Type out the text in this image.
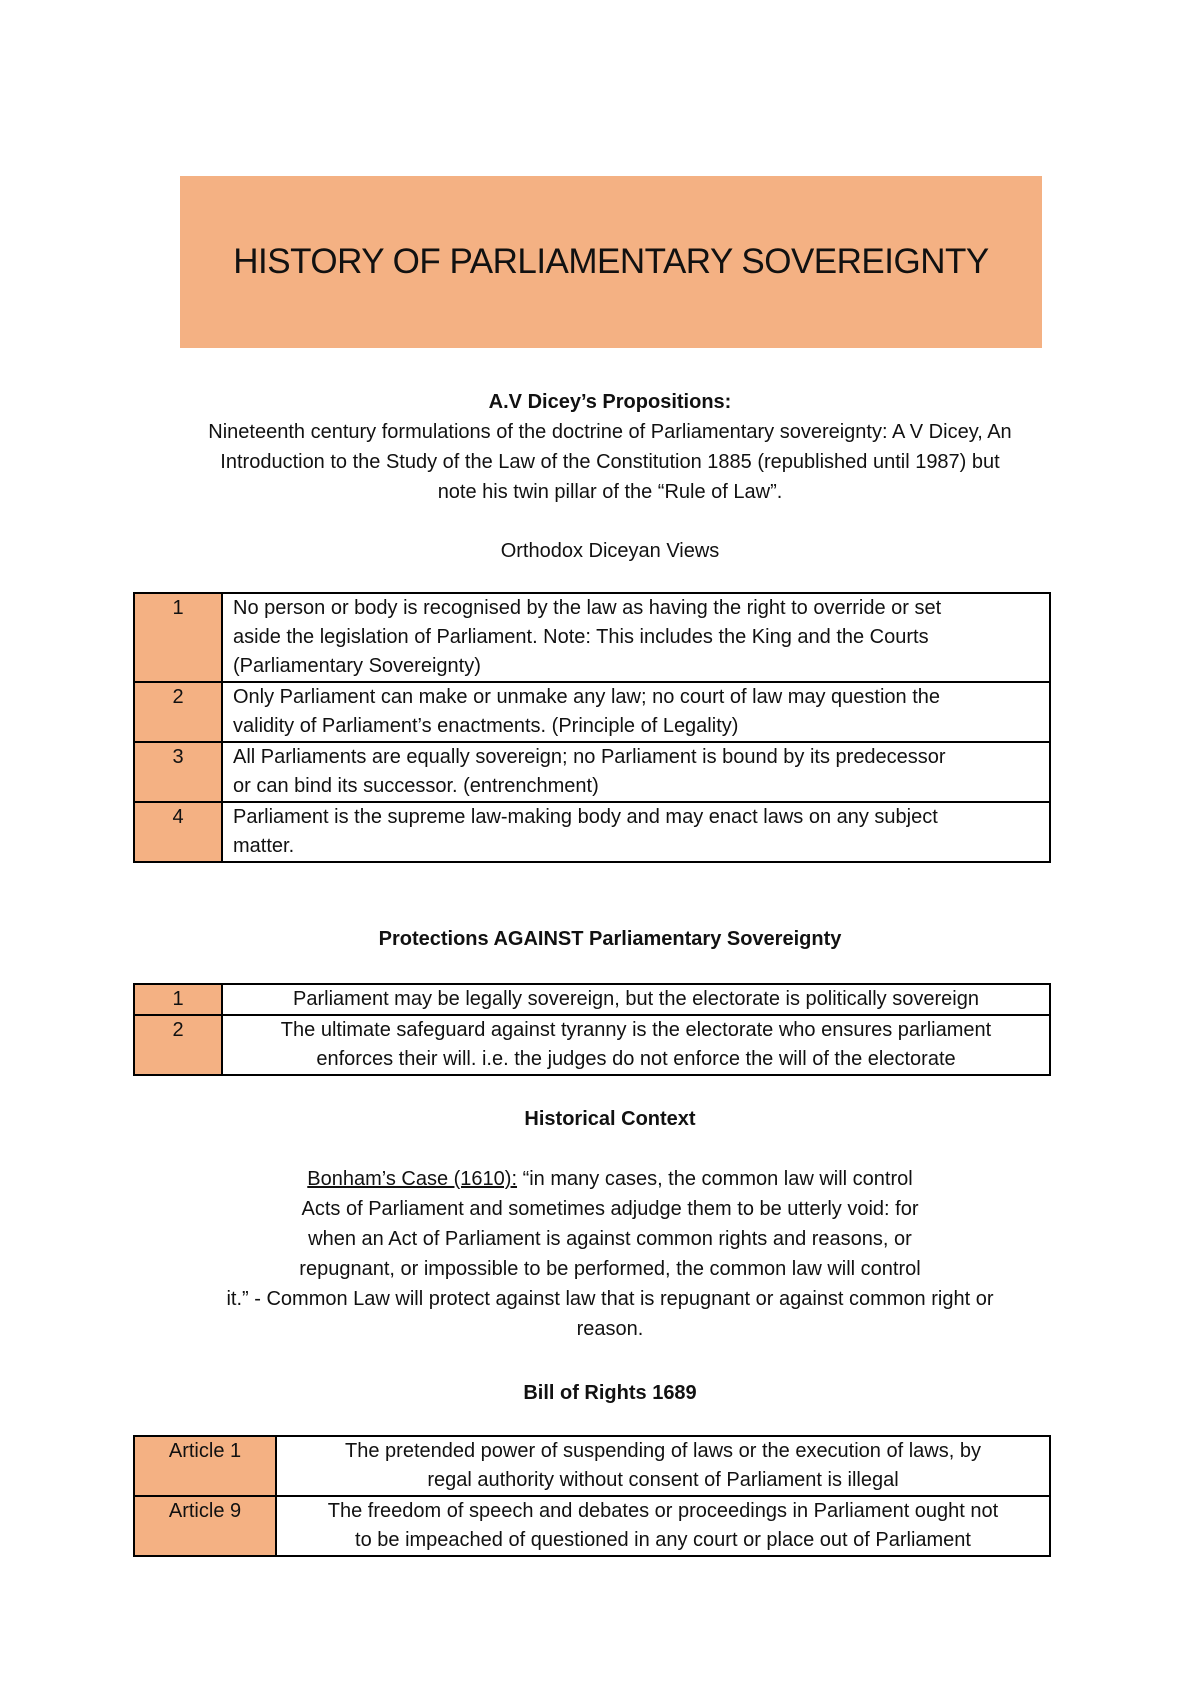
HISTORY OF PARLIAMENTARY SOVEREIGNTY
A.V Dicey’s Propositions:
Nineteenth century formulations of the doctrine of Parliamentary sovereignty: A V Dicey, An
Introduction to the Study of the Law of the Constitution 1885 (republished until 1987) but
note his twin pillar of the “Rule of Law”.
Orthodox Diceyan Views
1	No person or body is recognised by the law as having the right to override or set
aside the legislation of Parliament. Note: This includes the King and the Courts
(Parliamentary Sovereignty)

2	Only Parliament can make or unmake any law; no court of law may question the
validity of Parliament’s enactments. (Principle of Legality)

3	All Parliaments are equally sovereign; no Parliament is bound by its predecessor
or can bind its successor. (entrenchment)

4	Parliament is the supreme law-making body and may enact laws on any subject
matter.
Protections AGAINST Parliamentary Sovereignty
1	Parliament may be legally sovereign, but the electorate is politically sovereign

2	The ultimate safeguard against tyranny is the electorate who ensures parliament
enforces their will. i.e. the judges do not enforce the will of the electorate
Historical Context
Bonham’s Case (1610): “in many cases, the common law will control
Acts of Parliament and sometimes adjudge them to be utterly void: for
when an Act of Parliament is against common rights and reasons, or
repugnant, or impossible to be performed, the common law will control
it.” - Common Law will protect against law that is repugnant or against common right or
reason.
Bill of Rights 1689
Article 1	The pretended power of suspending of laws or the execution of laws, by
regal authority without consent of Parliament is illegal

Article 9	The freedom of speech and debates or proceedings in Parliament ought not
to be impeached of questioned in any court or place out of Parliament
